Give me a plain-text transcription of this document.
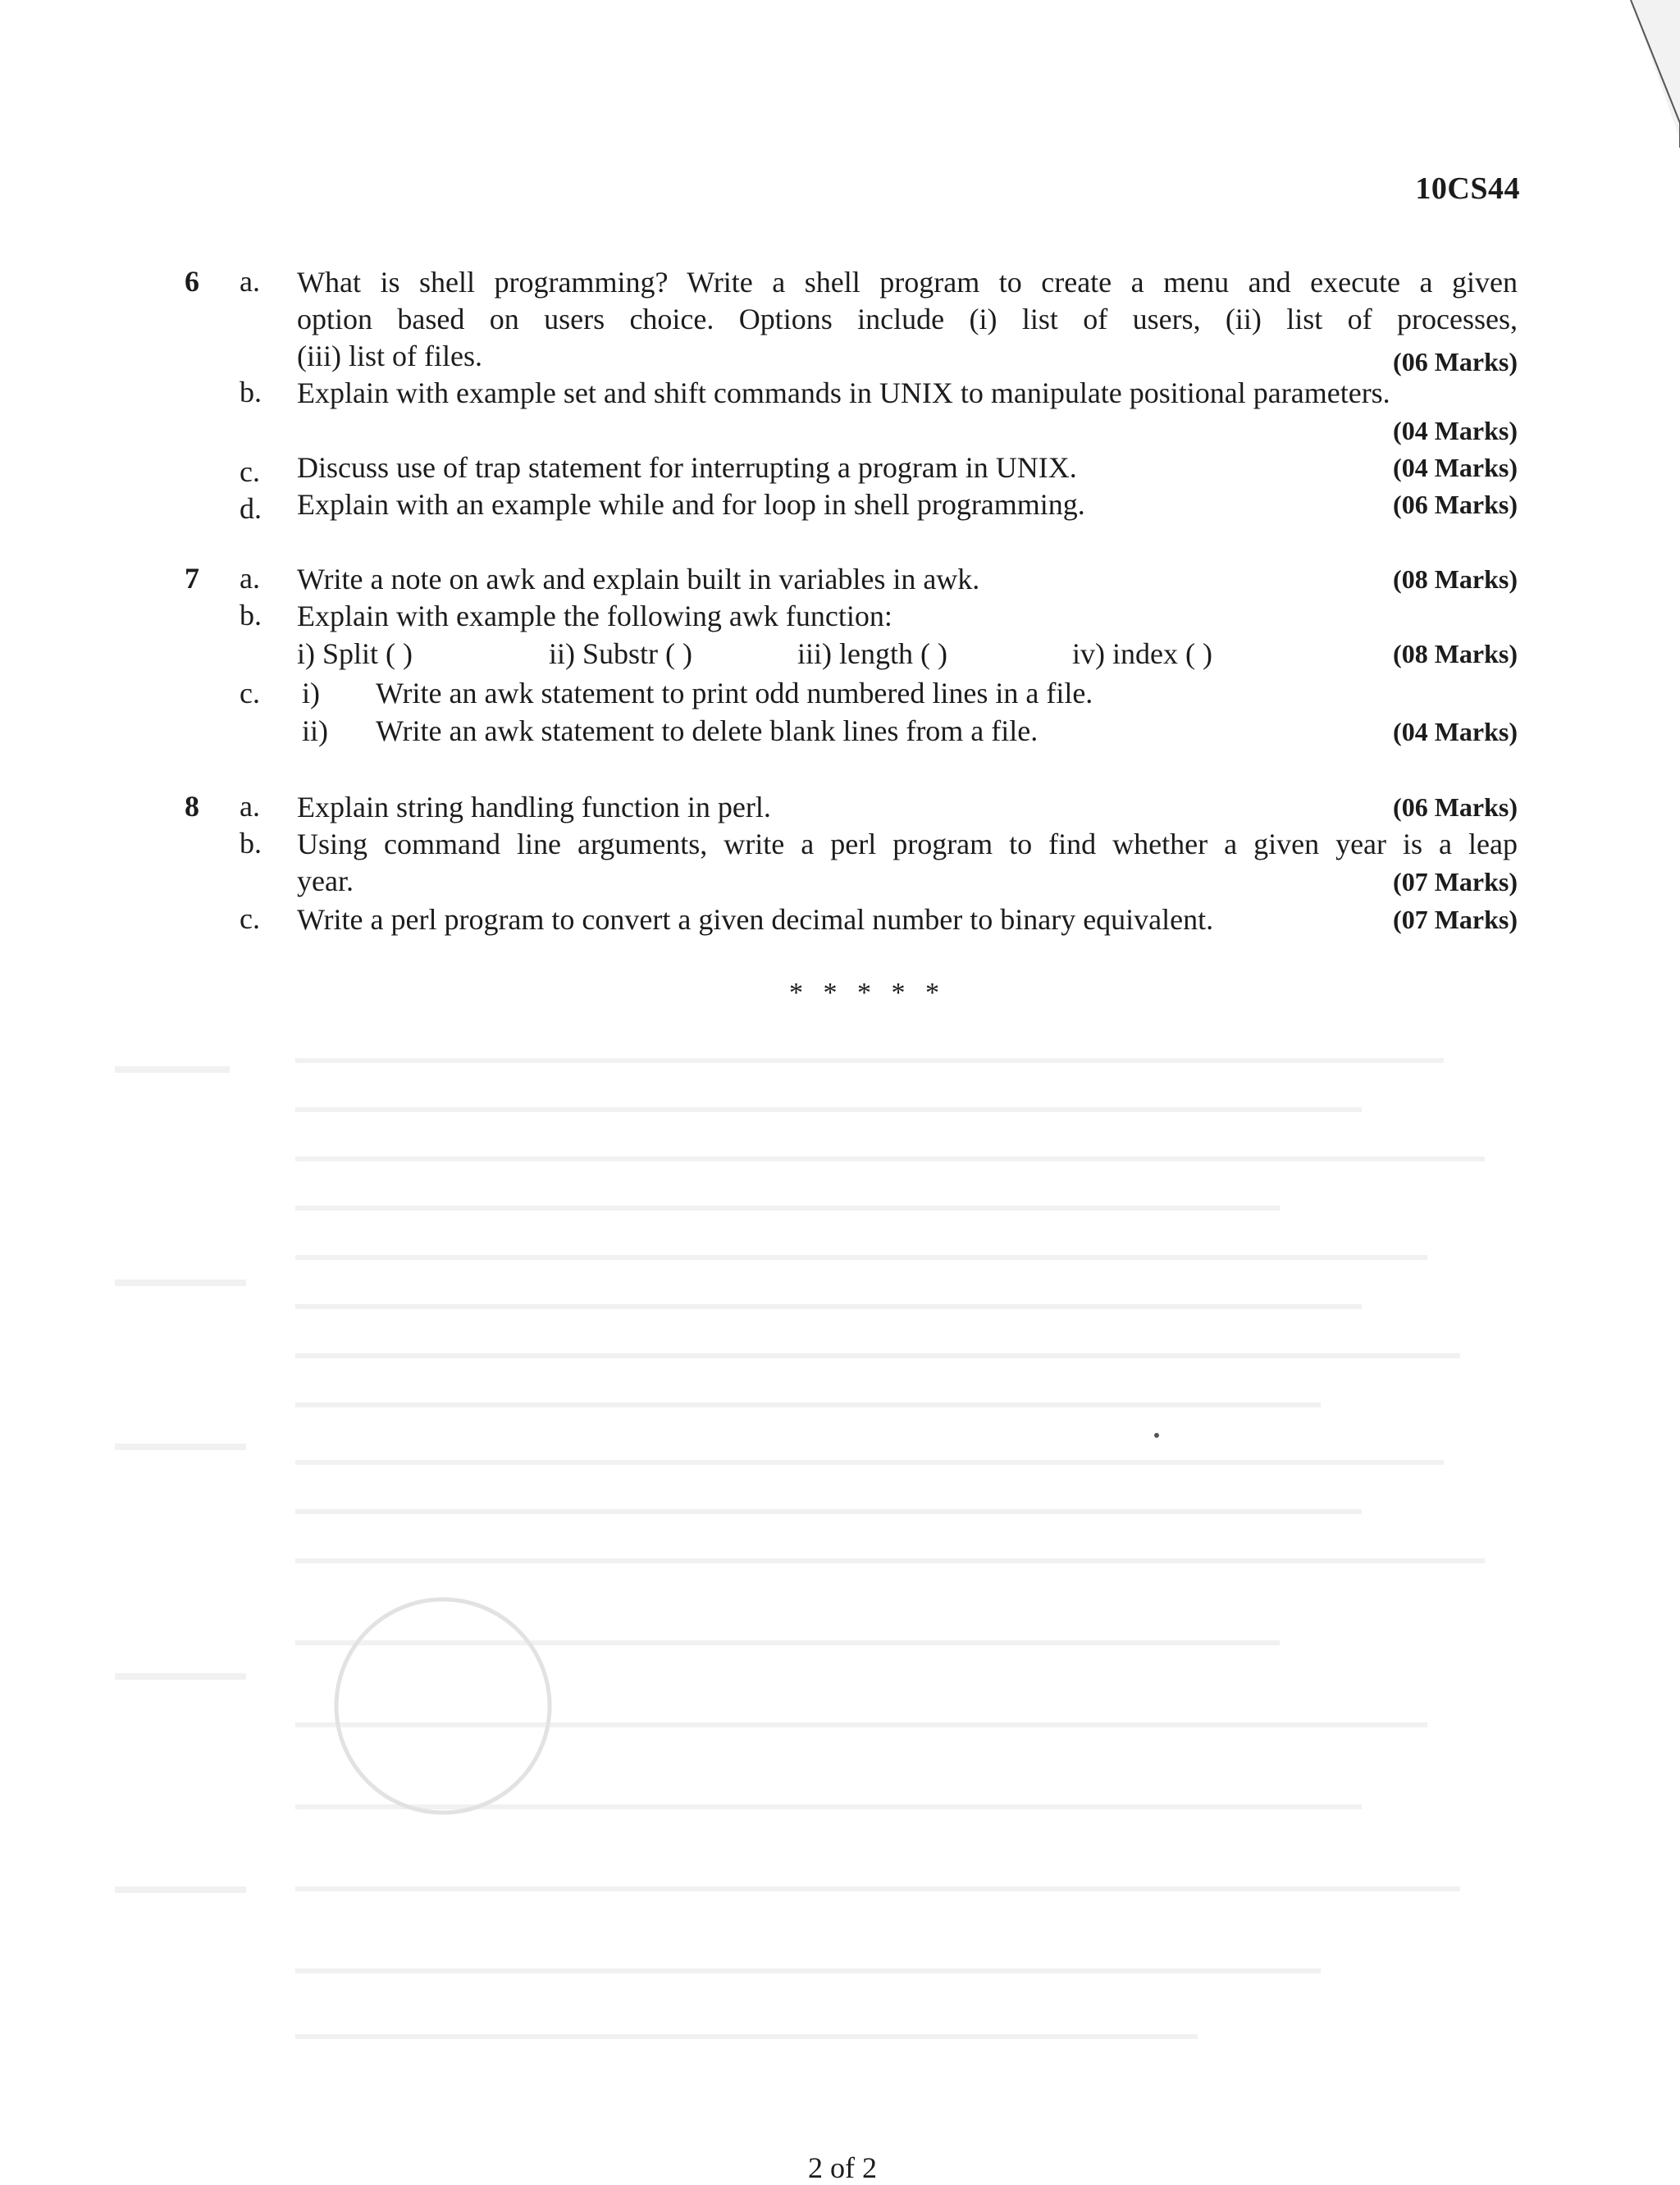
10CS44
6 a. What is shell programming? Write a shell program to create a menu and execute a given
option based on users choice. Options include (i) list of users, (ii) list of processes,
(iii) list of files.	(06 Marks)
b. Explain with example set and shift commands in UNIX to manipulate positional parameters.
(04 Marks)
c. Discuss use of trap statement for interrupting a program in UNIX.	(04 Marks)
d. Explain with an example while and for loop in shell programming.	(06 Marks)
7 a. Write a note on awk and explain built in variables in awk.	(08 Marks)
b. Explain with example the following awk function:
i) Split ( )	ii) Substr ( )	iii) length ( )	iv) index ( )	(08 Marks)
c. i) Write an awk statement to print odd numbered lines in a file.
ii) Write an awk statement to delete blank lines from a file.	(04 Marks)
8 a. Explain string handling function in perl.	(06 Marks)
b. Using command line arguments, write a perl program to find whether a given year is a leap
year.	(07 Marks)
c. Write a perl program to convert a given decimal number to binary equivalent.	(07 Marks)
* * * * *
2 of 2
